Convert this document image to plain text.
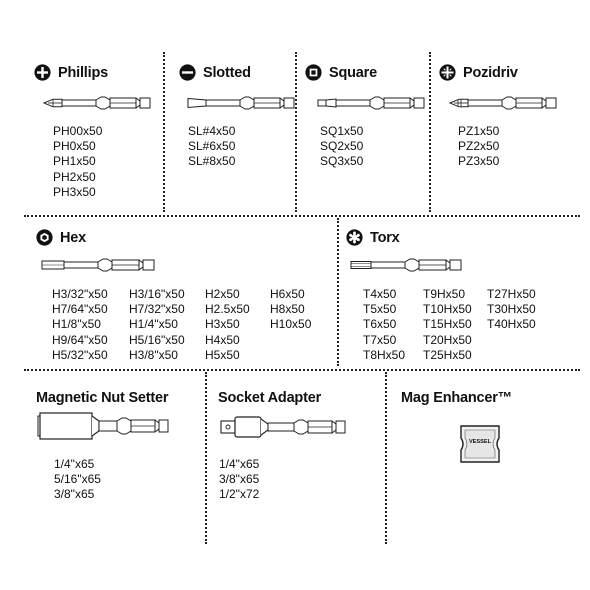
Phillips
PH00x50
PH0x50
PH1x50
PH2x50
PH3x50
Slotted
SL#4x50
SL#6x50
SL#8x50
Square
SQ1x50
SQ2x50
SQ3x50
Pozidriv
PZ1x50
PZ2x50
PZ3x50
Hex
H3/32"x50
H7/64"x50
H1/8"x50
H9/64"x50
H5/32"x50
H3/16"x50
H7/32"x50
H1/4"x50
H5/16"x50
H3/8"x50
H2x50
H2.5x50
H3x50
H4x50
H5x50
H6x50
H8x50
H10x50
Torx
T4x50
T5x50
T6x50
T7x50
T8Hx50
T9Hx50
T10Hx50
T15Hx50
T20Hx50
T25Hx50
T27Hx50
T30Hx50
T40Hx50
Magnetic Nut Setter
1/4"x65
5/16"x65
3/8"x65
Socket Adapter
1/4"x65
3/8"x65
1/2"x72
Mag Enhancer™
VESSEL
